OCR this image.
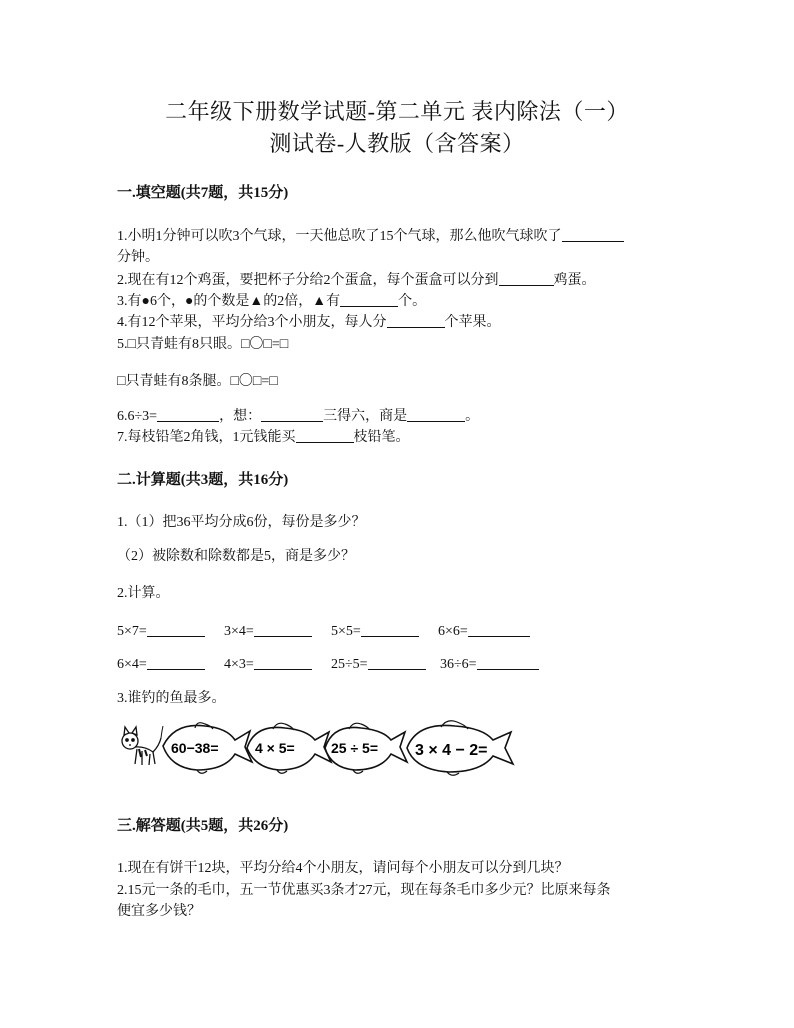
二年级下册数学试题-第二单元 表内除法（一）
测试卷-人教版（含答案）
一.填空题(共7题，共15分)
1.小明1分钟可以吹3个气球，一天他总吹了15个气球，那么他吹气球吹了
分钟。
2.现在有12个鸡蛋，要把杯子分给2个蛋盒，每个蛋盒可以分到	鸡蛋。
3.有●6个，●的个数是▲的2倍，▲有	个。
4.有12个苹果，平均分给3个小朋友，每人分	个苹果。
5.□只青蛙有8只眼。□〇□=□
□只青蛙有8条腿。□〇□=□
6.6÷3=	，想：	三得六，商是	。
7.每枝铅笔2角钱，1元钱能买	枝铅笔。
二.计算题(共3题，共16分)
1.（1）把36平均分成6份，每份是多少？
（2）被除数和除数都是5，商是多少？
2.计算。
5×7=	3×4=	5×5=	6×6=
6×4=	4×3=	25÷5=	36÷6=
3.谁钓的鱼最多。
60−38=	4 × 5=	25 ÷ 5= 3 × 4 − 2=
三.解答题(共5题，共26分)
1.现在有饼干12块，平均分给4个小朋友，请问每个小朋友可以分到几块？
2.15元一条的毛巾，五一节优惠买3条才27元，现在每条毛巾多少元？比原来每条
便宜多少钱？
